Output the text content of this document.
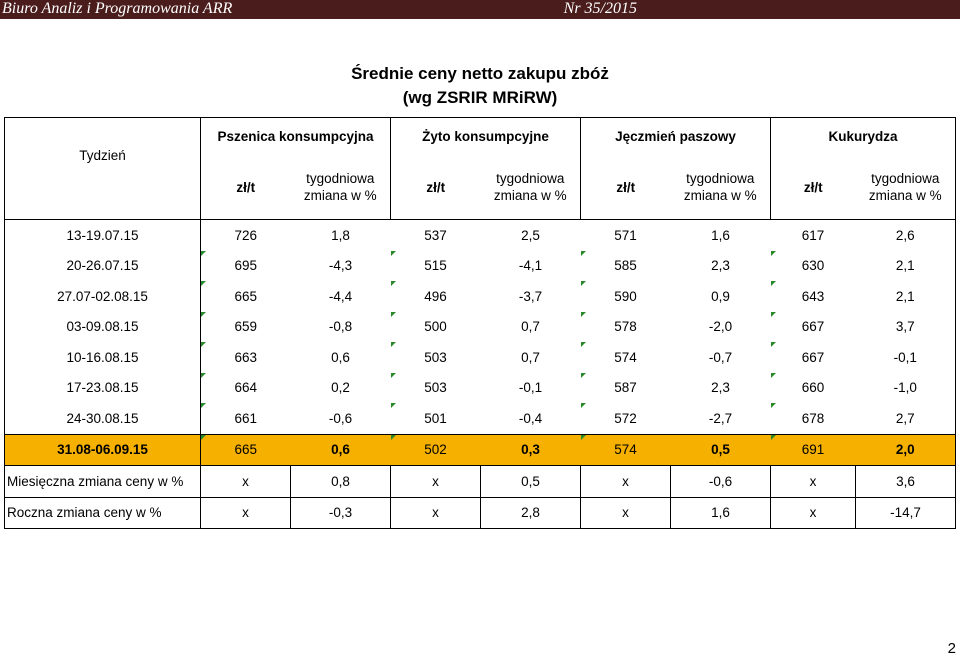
Biuro Analiz i Programowania ARR	Nr 35/2015
Średnie ceny netto zakupu zbóż
(wg ZSRIR MRiRW)
Tydzień	Pszenica konsumpcyjna		Żyto konsumpcyjne		Jęczmień paszowy		Kukurydza	
	zł/t	tygodniowa
zmiana w %	zł/t	tygodniowa
zmiana w %	zł/t	tygodniowa
zmiana w %	zł/t	tygodniowa
zmiana w %
13-19.07.15	726	1,8	537	2,5	571	1,6	617	2,6
20-26.07.15	695	-4,3	515	-4,1	585	2,3	630	2,1
27.07-02.08.15	665	-4,4	496	-3,7	590	0,9	643	2,1
03-09.08.15	659	-0,8	500	0,7	578	-2,0	667	3,7
10-16.08.15	663	0,6	503	0,7	574	-0,7	667	-0,1
17-23.08.15	664	0,2	503	-0,1	587	2,3	660	-1,0
24-30.08.15	661	-0,6	501	-0,4	572	-2,7	678	2,7
31.08-06.09.15	665	0,6	502	0,3	574	0,5	691	2,0
Miesięczna zmiana ceny w %	x	0,8	x	0,5	x	-0,6	x	3,6
Roczna zmiana ceny w %	x	-0,3	x	2,8	x	1,6	x	-14,7
2
